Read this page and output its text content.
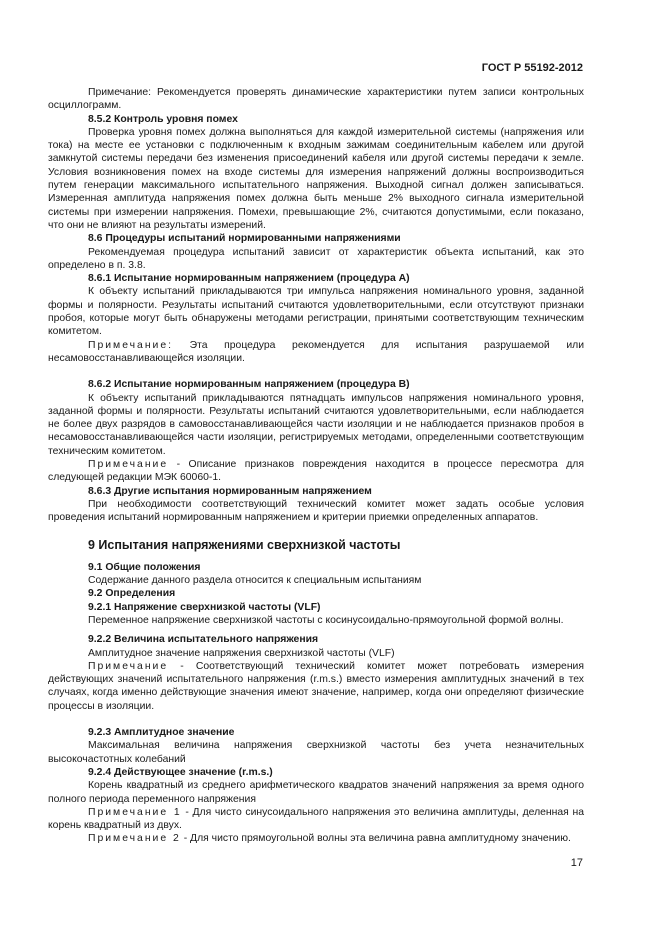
ГОСТ Р 55192-2012

Примечание: Рекомендуется проверять динамические характеристики путем записи контрольных осциллограмм.

8.5.2 Контроль уровня помех

Проверка уровня помех должна выполняться для каждой измерительной системы (напряжения или тока) на месте ее установки с подключенным к входным зажимам соединительным кабелем или другой замкнутой системы передачи без изменения присоединений кабеля или другой системы передачи к земле. Условия возникновения помех на входе системы для измерения напряжений должны воспроизводиться путем генерации максимального испытательного напряжения. Выходной сигнал должен записываться. Измеренная амплитуда напряжения помех должна быть меньше 2% выходного сигнала измерительной системы при измерении напряжения. Помехи, превышающие 2%, считаются допустимыми, если показано, что они не влияют на результаты измерений.

8.6 Процедуры испытаний нормированными напряжениями

Рекомендуемая процедура испытаний зависит от характеристик объекта испытаний, как это определено в п. 3.8.

8.6.1 Испытание нормированным напряжением (процедура А)

К объекту испытаний прикладываются три импульса напряжения номинального уровня, заданной формы и полярности. Результаты испытаний считаются удовлетворительными, если отсутствуют признаки пробоя, которые могут быть обнаружены методами регистрации, принятыми соответствующим техническим комитетом.

Примечание: Эта процедура рекомендуется для испытания разрушаемой или несамовосстанавливающейся изоляции.

8.6.2 Испытание нормированным напряжением (процедура В)

К объекту испытаний прикладываются пятнадцать импульсов напряжения номинального уровня, заданной формы и полярности. Результаты испытаний считаются удовлетворительными, если наблюдается не более двух разрядов в самовосстанавливающейся части изоляции и не наблюдается признаков пробоя в несамовосстанавливающейся части изоляции, регистрируемых методами, определенными соответствующим техническим комитетом.

Примечание - Описание признаков повреждения находится в процессе пересмотра для следующей редакции МЭК 60060-1.

8.6.3 Другие испытания нормированным напряжением

При необходимости соответствующий технический комитет может задать особые условия проведения испытаний нормированным напряжением и критерии приемки определенных аппаратов.

9 Испытания напряжениями сверхнизкой частоты

9.1 Общие положения

Содержание данного раздела относится к специальным испытаниям

9.2 Определения

9.2.1 Напряжение сверхнизкой частоты (VLF)

Переменное напряжение сверхнизкой частоты с косинусоидально-прямоугольной формой волны.

9.2.2 Величина испытательного напряжения

Амплитудное значение напряжения сверхнизкой частоты (VLF)

Примечание - Соответствующий технический комитет может потребовать измерения действующих значений испытательного напряжения (r.m.s.) вместо измерения амплитудных значений в тех случаях, когда именно действующие значения имеют значение, например, когда они определяют физические процессы в изоляции.

9.2.3 Амплитудное значение

Максимальная величина напряжения сверхнизкой частоты без учета незначительных высокочастотных колебаний

9.2.4 Действующее значение (r.m.s.)

Корень квадратный из среднего арифметического квадратов значений напряжения за время одного полного периода переменного напряжения

Примечание 1 - Для чисто синусоидального напряжения это величина амплитуды, деленная на корень квадратный из двух.

Примечание 2 - Для чисто прямоугольной волны эта величина равна амплитудному значению.

17
